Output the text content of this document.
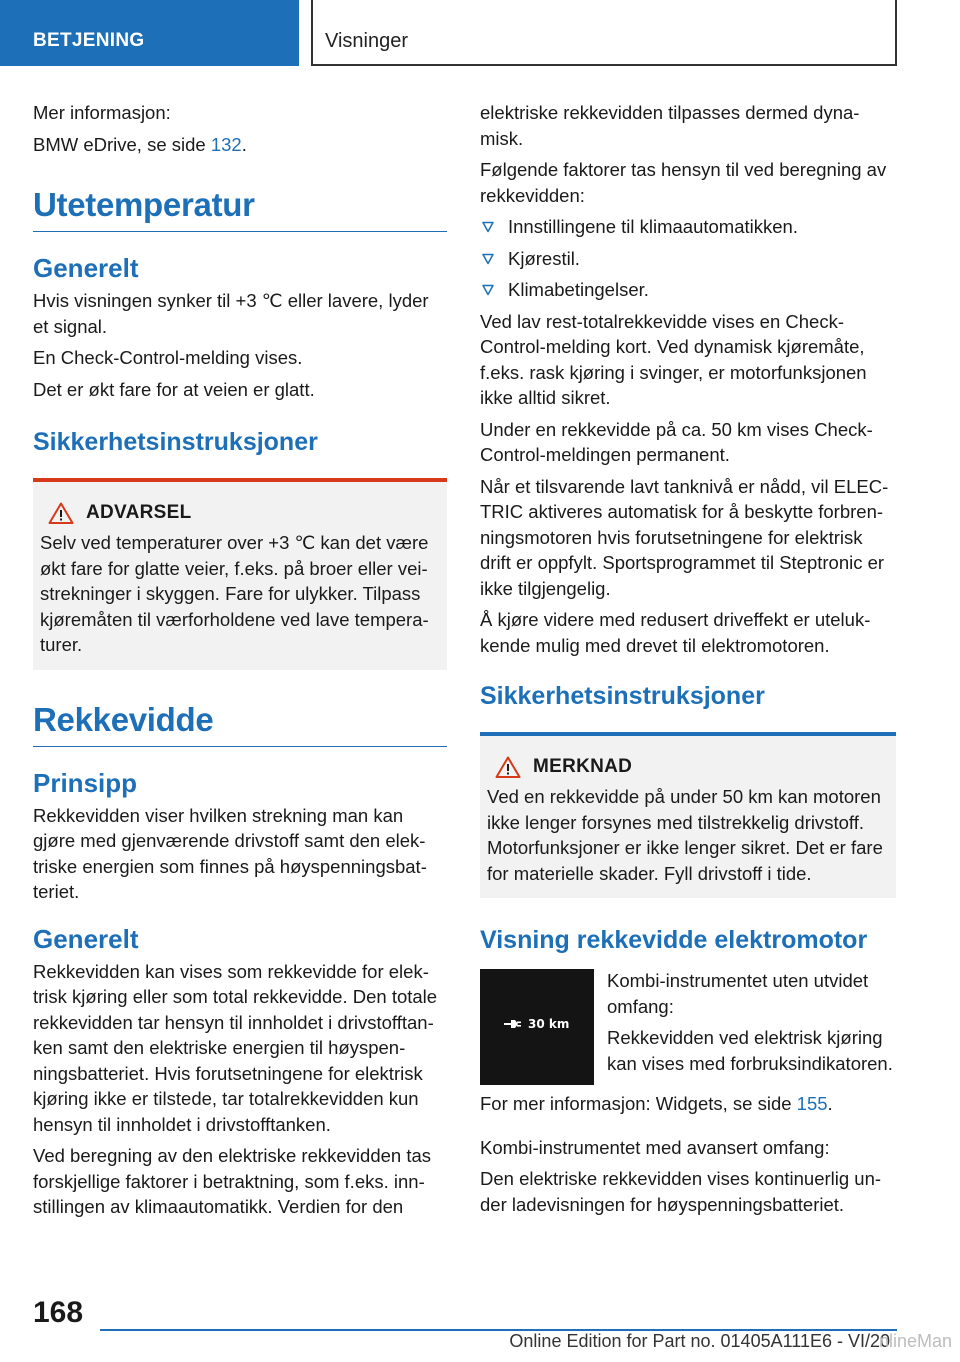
BETJENING	Visninger

Mer informasjon:

BMW eDrive, se side 132.

Utetemperatur
Generelt

Hvis visningen synker til +3 ℃ eller lavere, lyder et signal.

En Check-Control-melding vises.

Det er økt fare for at veien er glatt.

Sikkerhetsinstruksjoner
ADVARSEL

Selv ved temperaturer over +3 ℃ kan det være økt fare for glatte veier, f.eks. på broer eller veistrekninger i skyggen. Fare for ulykker. Tilpass kjøremåten til værforholdene ved lave temperaturer.

Rekkevidde
Prinsipp

Rekkevidden viser hvilken strekning man kan gjøre med gjenværende drivstoff samt den elektriske energien som finnes på høyspenningsbatteriet.

Generelt

Rekkevidden kan vises som rekkevidde for elektrisk kjøring eller som total rekkevidde. Den totale rekkevidden tar hensyn til innholdet i drivstofftanken samt den elektriske energien til høyspenningsbatteriet. Hvis forutsetningene for elektrisk kjøring ikke er tilstede, tar totalrekkevidden kun hensyn til innholdet i drivstofftanken.

Ved beregning av den elektriske rekkevidden tas forskjellige faktorer i betraktning, som f.eks. innstillingen av klimaautomatikk. Verdien for den

elektriske rekkevidden tilpasses dermed dynamisk.

Følgende faktorer tas hensyn til ved beregning av rekkevidden:

Innstillingene til klimaautomatikken.
Kjørestil.
Klimabetingelser.

Ved lav rest-totalrekkevidde vises en Check-Control-melding kort. Ved dynamisk kjøremåte, f.eks. rask kjøring i svinger, er motorfunksjonen ikke alltid sikret.

Under en rekkevidde på ca. 50 km vises Check-Control-meldingen permanent.

Når et tilsvarende lavt tanknivå er nådd, vil ELECTRIC aktiveres automatisk for å beskytte forbrenningsmotoren hvis forutsetningene for elektrisk drift er oppfylt. Sportsprogrammet til Steptronic er ikke tilgjengelig.

Å kjøre videre med redusert driveffekt er utelukkende mulig med drevet til elektromotoren.

Sikkerhetsinstruksjoner
MERKNAD

Ved en rekkevidde på under 50 km kan motoren ikke lenger forsynes med tilstrekkelig drivstoff. Motorfunksjoner er ikke lenger sikret. Det er fare for materielle skader. Fyll drivstoff i tide.

Visning rekkevidde elektromotor
30 km

Kombi-instrumentet uten utvidet omfang:

Rekkevidden ved elektrisk kjøring kan vises med forbruksindikatoren.

For mer informasjon: Widgets, se side 155.

Kombi-instrumentet med avansert omfang:

Den elektriske rekkevidden vises kontinuerlig under ladevisningen for høyspenningsbatteriet.

168
Online Edition for Part no. 01405A111E6 - VI/20
nlineMan
